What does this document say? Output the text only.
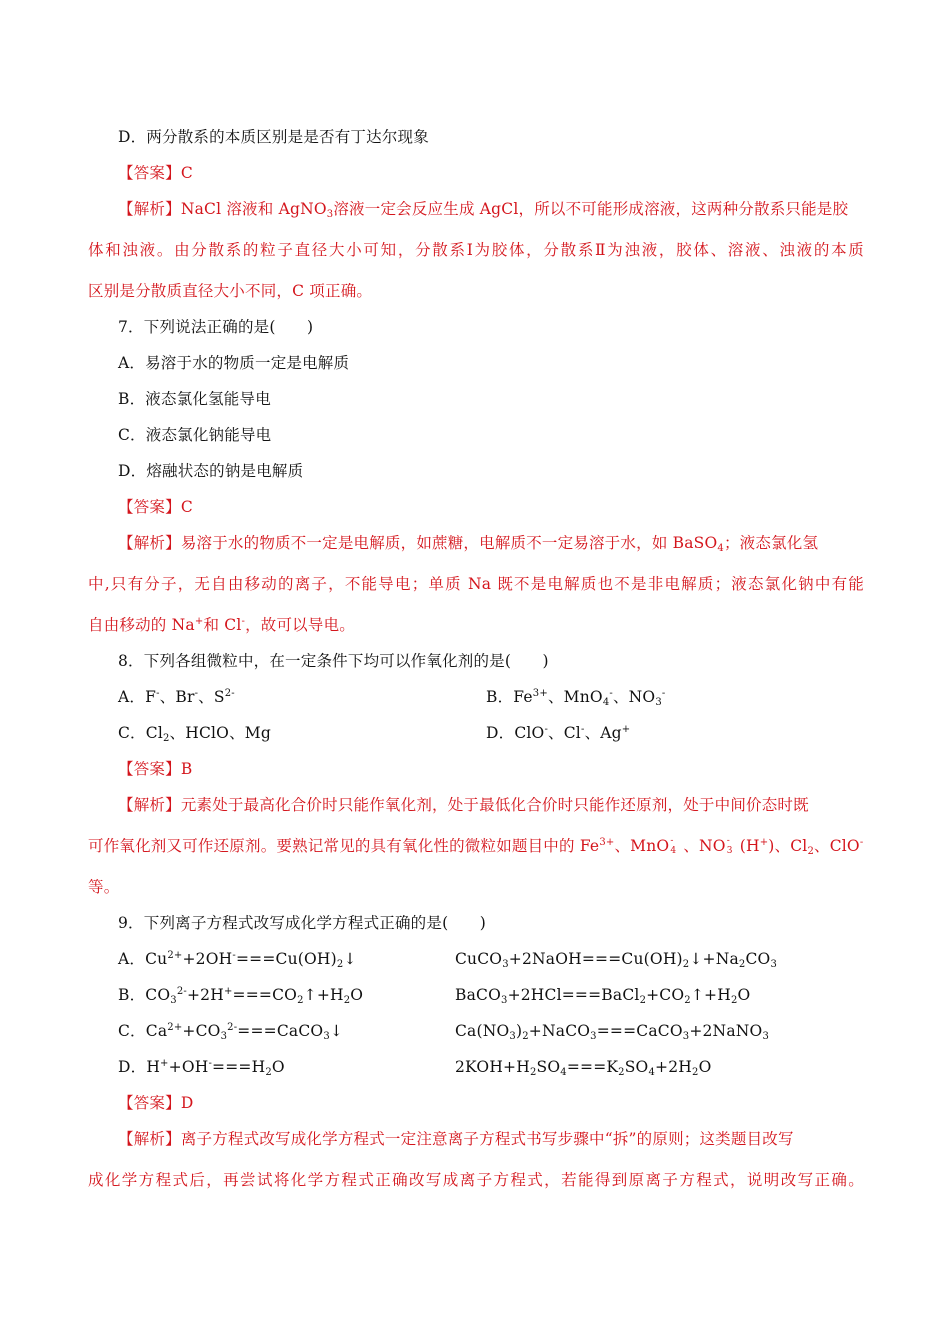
D．两分散系的本质区别是是否有丁达尔现象
【答案】C
【解析】NaCl 溶液和 AgNO$_3$溶液一定会反应生成 AgCl，所以不可能形成溶液，这两种分散系只能是胶
体和浊液。由分散系的粒子直径大小可知，分散系Ⅰ为胶体，分散系Ⅱ为浊液，胶体、溶液、浊液的本质
区别是分散质直径大小不同，C 项正确。
7．下列说法正确的是(　　)
A．易溶于水的物质一定是电解质
B．液态氯化氢能导电
C．液态氯化钠能导电
D．熔融状态的钠是电解质
【答案】C
【解析】易溶于水的物质不一定是电解质，如蔗糖，电解质不一定易溶于水，如 BaSO$_4$；液态氯化氢
中,只有分子，无自由移动的离子，不能导电；单质 Na 既不是电解质也不是非电解质；液态氯化钠中有能
自由移动的 Na+和 Cl-，故可以导电。
8．下列各组微粒中，在一定条件下均可以作氧化剂的是(　　)
A．F-、Br-、$S^{2-}$	B．$Fe^{3+}$、MnO$_4$-、$NO_3^-$
C．$Cl_2$、HClO、Mg	D．ClO-、Cl-、Ag+
【答案】B
【解析】元素处于最高化合价时只能作氧化剂，处于最低化合价时只能作还原剂，处于中间价态时既
可作氧化剂又可作还原剂。要熟记常见的具有氧化性的微粒如题目中的 $Fe^{3+}$、MnO -
4 、NO -
3 (H+)、$Cl_2$、ClO-
等。
9．下列离子方程式改写成化学方程式正确的是(　　)
A．$Cu^{2+}+2OH^-===Cu(OH)_2↓$	$CuCO_3+2NaOH===Cu(OH)_2↓+Na_2CO_3$
B．$CO_3^{2-}+2H^+===CO_2↑+H_2O$	$BaCO_3+2HCl===BaCl_2+CO_2↑+H_2O$
C．$Ca^{2+}+CO_3^{2-}===CaCO_3↓$	$Ca(NO_3)_2+NaCO_3===CaCO_3+2NaNO_3$
D．$H^++OH^-===H_2O$	$2KOH+H_2SO_4===K_2SO_4+2H_2O$
【答案】D
【解析】离子方程式改写成化学方程式一定注意离子方程式书写步骤中“拆”的原则；这类题目改写
成化学方程式后，再尝试将化学方程式正确改写成离子方程式，若能得到原离子方程式，说明改写正确。
